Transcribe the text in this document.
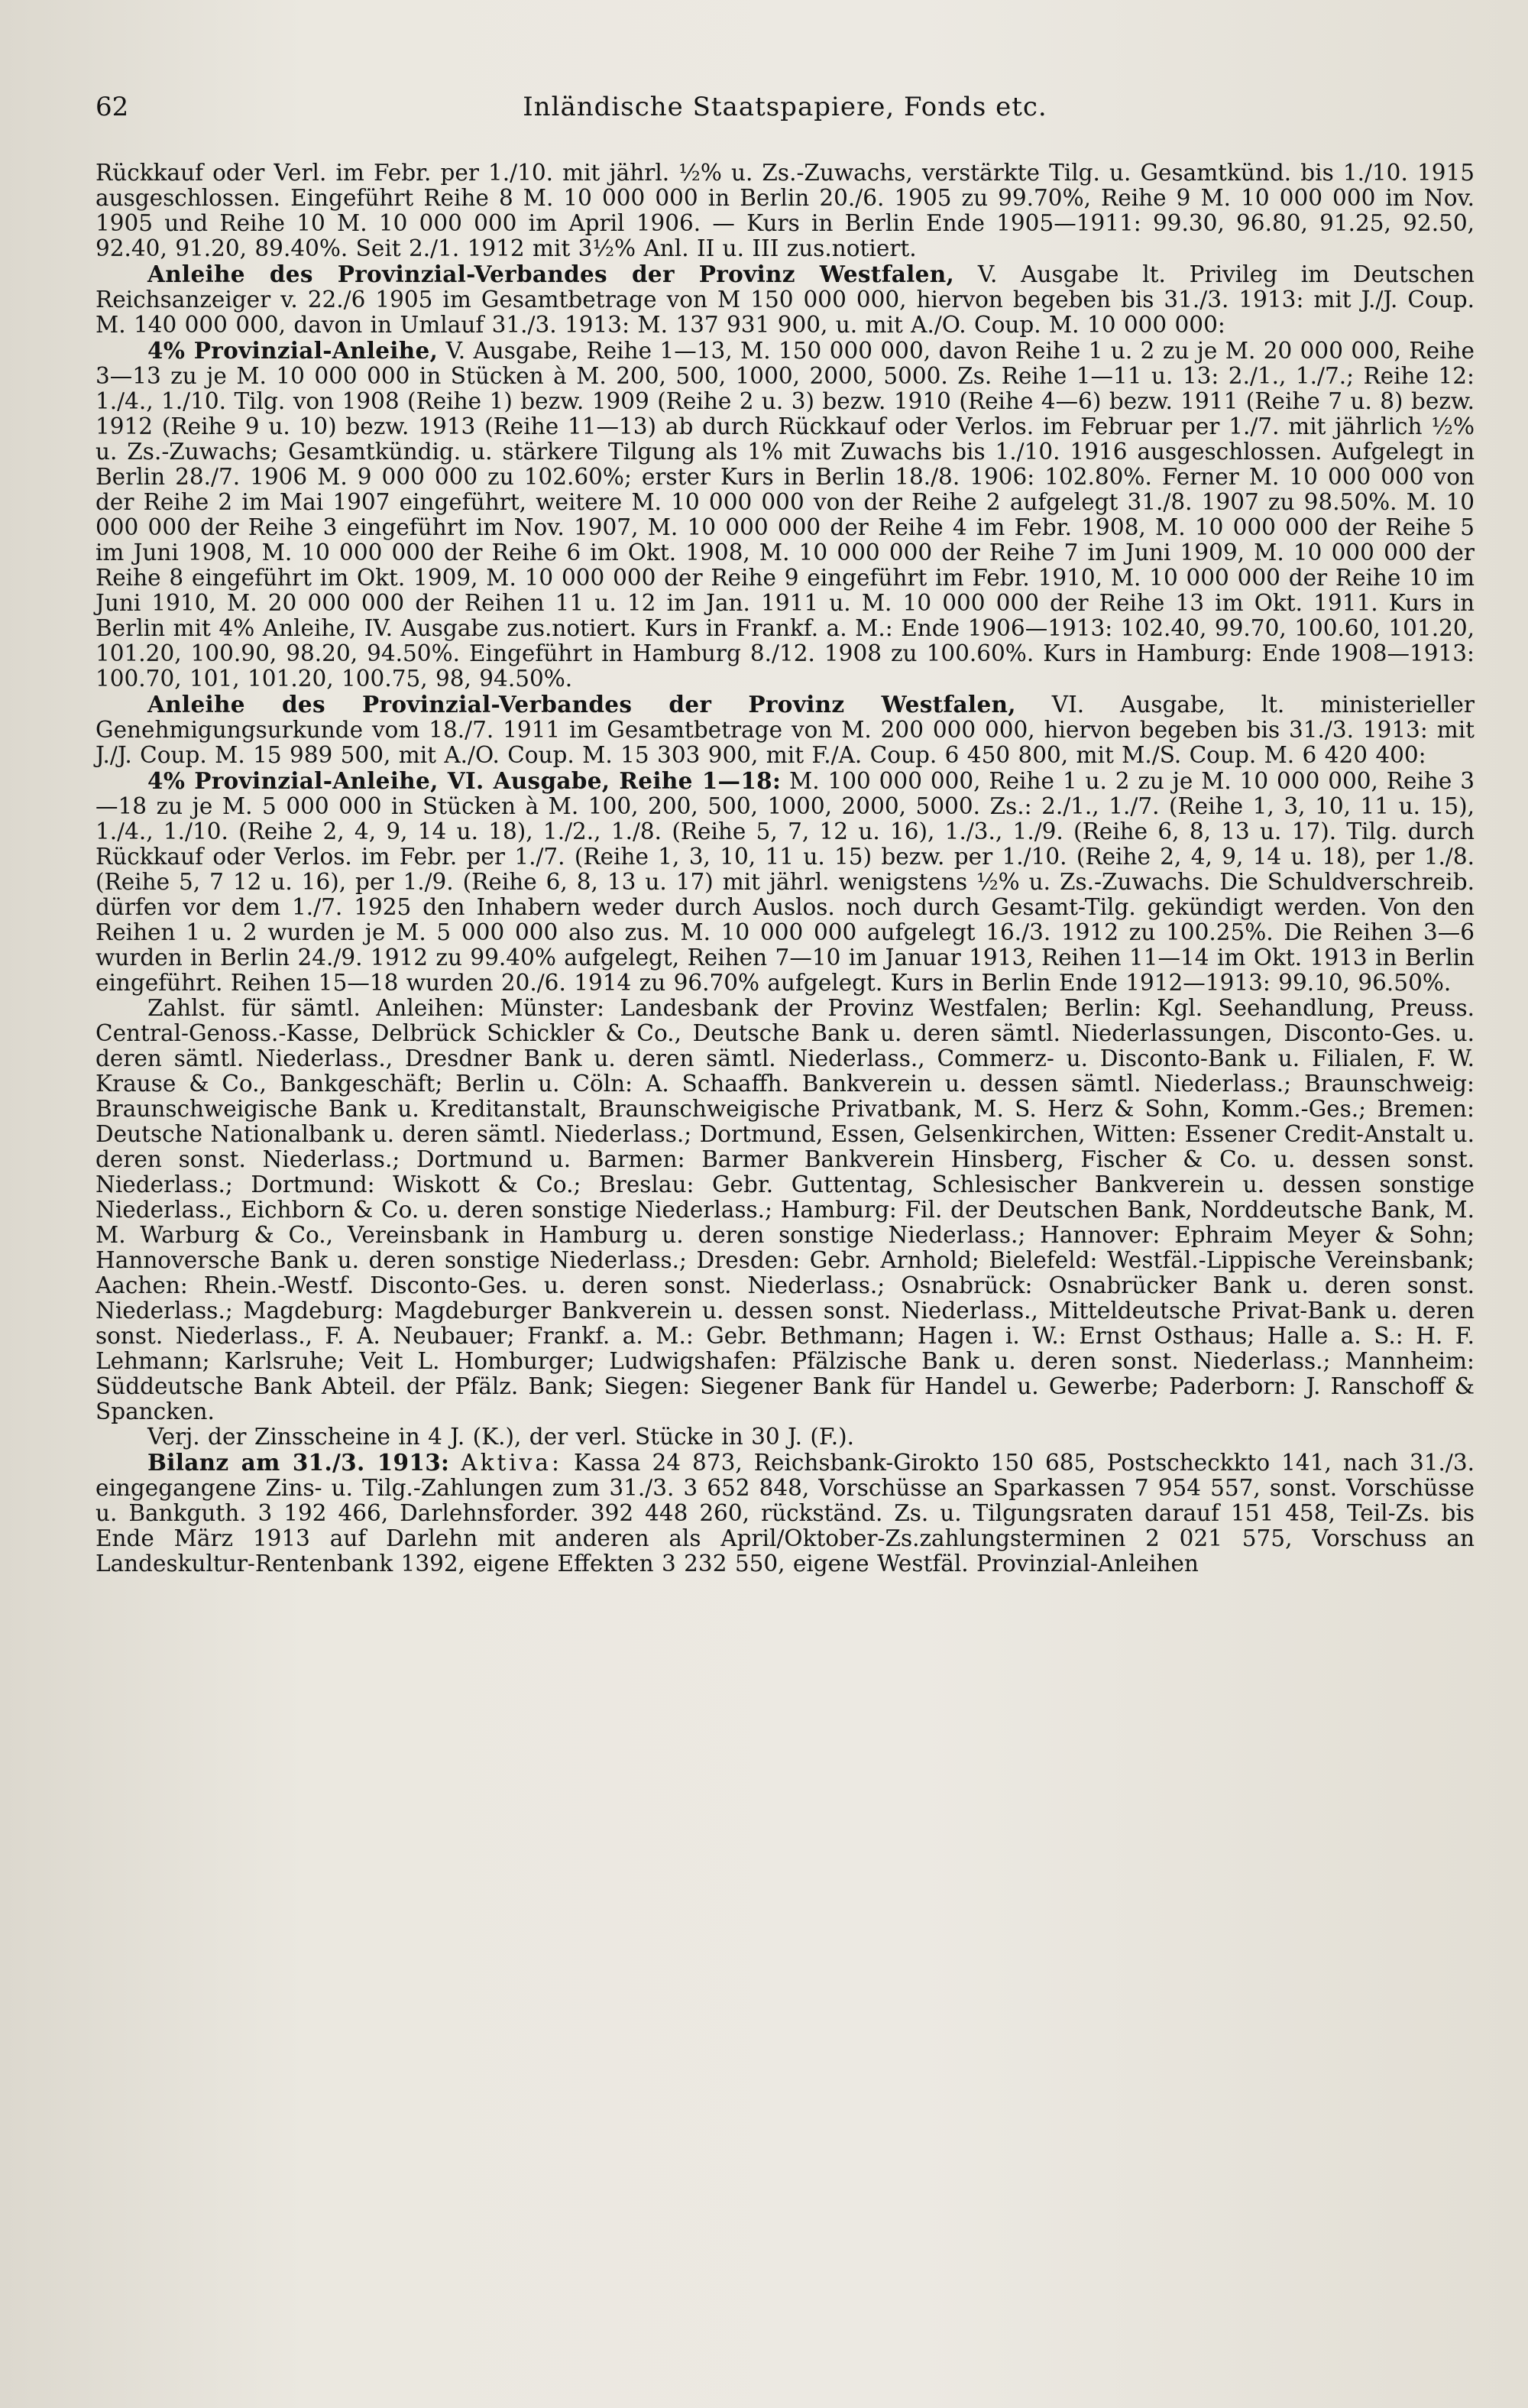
62	Inländische Staatspapiere, Fonds etc.

Rückkauf oder Verl. im Febr. per 1./10. mit jährl. ½% u. Zs.-Zuwachs, verstärkte Tilg. u. Gesamtkünd. bis 1./10. 1915 ausgeschlossen. Eingeführt Reihe 8 M. 10 000 000 in Berlin 20./6. 1905 zu 99.70%, Reihe 9 M. 10 000 000 im Nov. 1905 und Reihe 10 M. 10 000 000 im April 1906. — Kurs in Berlin Ende 1905—1911: 99.30, 96.80, 91.25, 92.50, 92.40, 91.20, 89.40%. Seit 2./1. 1912 mit 3½% Anl. II u. III zus.notiert.

Anleihe des Provinzial-Verbandes der Provinz Westfalen, V. Ausgabe lt. Privileg im Deutschen Reichsanzeiger v. 22./6 1905 im Gesamtbetrage von M 150 000 000, hiervon begeben bis 31./3. 1913: mit J./J. Coup. M. 140 000 000, davon in Umlauf 31./3. 1913: M. 137 931 900, u. mit A./O. Coup. M. 10 000 000:

4% Provinzial-Anleihe, V. Ausgabe, Reihe 1—13, M. 150 000 000, davon Reihe 1 u. 2 zu je M. 20 000 000, Reihe 3—13 zu je M. 10 000 000 in Stücken à M. 200, 500, 1000, 2000, 5000. Zs. Reihe 1—11 u. 13: 2./1., 1./7.; Reihe 12: 1./4., 1./10. Tilg. von 1908 (Reihe 1) bezw. 1909 (Reihe 2 u. 3) bezw. 1910 (Reihe 4—6) bezw. 1911 (Reihe 7 u. 8) bezw. 1912 (Reihe 9 u. 10) bezw. 1913 (Reihe 11—13) ab durch Rückkauf oder Verlos. im Februar per 1./7. mit jährlich ½% u. Zs.-Zuwachs; Gesamtkündig. u. stärkere Tilgung als 1% mit Zuwachs bis 1./10. 1916 ausgeschlossen. Aufgelegt in Berlin 28./7. 1906 M. 9 000 000 zu 102.60%; erster Kurs in Berlin 18./8. 1906: 102.80%. Ferner M. 10 000 000 von der Reihe 2 im Mai 1907 eingeführt, weitere M. 10 000 000 von der Reihe 2 aufgelegt 31./8. 1907 zu 98.50%. M. 10 000 000 der Reihe 3 eingeführt im Nov. 1907, M. 10 000 000 der Reihe 4 im Febr. 1908, M. 10 000 000 der Reihe 5 im Juni 1908, M. 10 000 000 der Reihe 6 im Okt. 1908, M. 10 000 000 der Reihe 7 im Juni 1909, M. 10 000 000 der Reihe 8 eingeführt im Okt. 1909, M. 10 000 000 der Reihe 9 eingeführt im Febr. 1910, M. 10 000 000 der Reihe 10 im Juni 1910, M. 20 000 000 der Reihen 11 u. 12 im Jan. 1911 u. M. 10 000 000 der Reihe 13 im Okt. 1911. Kurs in Berlin mit 4% Anleihe, IV. Ausgabe zus.notiert. Kurs in Frankf. a. M.: Ende 1906—1913: 102.40, 99.70, 100.60, 101.20, 101.20, 100.90, 98.20, 94.50%. Eingeführt in Hamburg 8./12. 1908 zu 100.60%. Kurs in Hamburg: Ende 1908—1913: 100.70, 101, 101.20, 100.75, 98, 94.50%.

Anleihe des Provinzial-Verbandes der Provinz Westfalen, VI. Ausgabe, lt. ministerieller Genehmigungsurkunde vom 18./7. 1911 im Gesamtbetrage von M. 200 000 000, hiervon begeben bis 31./3. 1913: mit J./J. Coup. M. 15 989 500, mit A./O. Coup. M. 15 303 900, mit F./A. Coup. 6 450 800, mit M./S. Coup. M. 6 420 400:

4% Provinzial-Anleihe, VI. Ausgabe, Reihe 1—18: M. 100 000 000, Reihe 1 u. 2 zu je M. 10 000 000, Reihe 3—18 zu je M. 5 000 000 in Stücken à M. 100, 200, 500, 1000, 2000, 5000. Zs.: 2./1., 1./7. (Reihe 1, 3, 10, 11 u. 15), 1./4., 1./10. (Reihe 2, 4, 9, 14 u. 18), 1./2., 1./8. (Reihe 5, 7, 12 u. 16), 1./3., 1./9. (Reihe 6, 8, 13 u. 17). Tilg. durch Rückkauf oder Verlos. im Febr. per 1./7. (Reihe 1, 3, 10, 11 u. 15) bezw. per 1./10. (Reihe 2, 4, 9, 14 u. 18), per 1./8. (Reihe 5, 7 12 u. 16), per 1./9. (Reihe 6, 8, 13 u. 17) mit jährl. wenigstens ½% u. Zs.-Zuwachs. Die Schuldverschreib. dürfen vor dem 1./7. 1925 den Inhabern weder durch Auslos. noch durch Gesamt-Tilg. gekündigt werden. Von den Reihen 1 u. 2 wurden je M. 5 000 000 also zus. M. 10 000 000 aufgelegt 16./3. 1912 zu 100.25%. Die Reihen 3—6 wurden in Berlin 24./9. 1912 zu 99.40% aufgelegt, Reihen 7—10 im Januar 1913, Reihen 11—14 im Okt. 1913 in Berlin eingeführt. Reihen 15—18 wurden 20./6. 1914 zu 96.70% aufgelegt. Kurs in Berlin Ende 1912—1913: 99.10, 96.50%.

Zahlst. für sämtl. Anleihen: Münster: Landesbank der Provinz Westfalen; Berlin: Kgl. Seehandlung, Preuss. Central-Genoss.-Kasse, Delbrück Schickler & Co., Deutsche Bank u. deren sämtl. Niederlassungen, Disconto-Ges. u. deren sämtl. Niederlass., Dresdner Bank u. deren sämtl. Niederlass., Commerz- u. Disconto-Bank u. Filialen, F. W. Krause & Co., Bankgeschäft; Berlin u. Cöln: A. Schaaffh. Bankverein u. dessen sämtl. Niederlass.; Braunschweig: Braunschweigische Bank u. Kreditanstalt, Braunschweigische Privatbank, M. S. Herz & Sohn, Komm.-Ges.; Bremen: Deutsche Nationalbank u. deren sämtl. Niederlass.; Dortmund, Essen, Gelsenkirchen, Witten: Essener Credit-Anstalt u. deren sonst. Niederlass.; Dortmund u. Barmen: Barmer Bankverein Hinsberg, Fischer & Co. u. dessen sonst. Niederlass.; Dortmund: Wiskott & Co.; Breslau: Gebr. Guttentag, Schlesischer Bankverein u. dessen sonstige Niederlass., Eichborn & Co. u. deren sonstige Niederlass.; Hamburg: Fil. der Deutschen Bank, Norddeutsche Bank, M. M. Warburg & Co., Vereinsbank in Hamburg u. deren sonstige Niederlass.; Hannover: Ephraim Meyer & Sohn; Hannoversche Bank u. deren sonstige Niederlass.; Dresden: Gebr. Arnhold; Bielefeld: Westfäl.-Lippische Vereinsbank; Aachen: Rhein.-Westf. Disconto-Ges. u. deren sonst. Niederlass.; Osnabrück: Osnabrücker Bank u. deren sonst. Niederlass.; Magdeburg: Magdeburger Bankverein u. dessen sonst. Niederlass., Mitteldeutsche Privat-Bank u. deren sonst. Niederlass., F. A. Neubauer; Frankf. a. M.: Gebr. Bethmann; Hagen i. W.: Ernst Osthaus; Halle a. S.: H. F. Lehmann; Karlsruhe; Veit L. Homburger; Ludwigshafen: Pfälzische Bank u. deren sonst. Niederlass.; Mannheim: Süddeutsche Bank Abteil. der Pfälz. Bank; Siegen: Siegener Bank für Handel u. Gewerbe; Paderborn: J. Ranschoff & Spancken.

Verj. der Zinsscheine in 4 J. (K.), der verl. Stücke in 30 J. (F.).

Bilanz am 31./3. 1913: Aktiva: Kassa 24 873, Reichsbank-Girokto 150 685, Postscheckkto 141, nach 31./3. eingegangene Zins- u. Tilg.-Zahlungen zum 31./3. 3 652 848, Vorschüsse an Sparkassen 7 954 557, sonst. Vorschüsse u. Bankguth. 3 192 466, Darlehnsforder. 392 448 260, rückständ. Zs. u. Tilgungsraten darauf 151 458, Teil-Zs. bis Ende März 1913 auf Darlehn mit anderen als April/Oktober-Zs.zahlungsterminen 2 021 575, Vorschuss an Landeskultur-Rentenbank 1392, eigene Effekten 3 232 550, eigene Westfäl. Provinzial-Anleihen
